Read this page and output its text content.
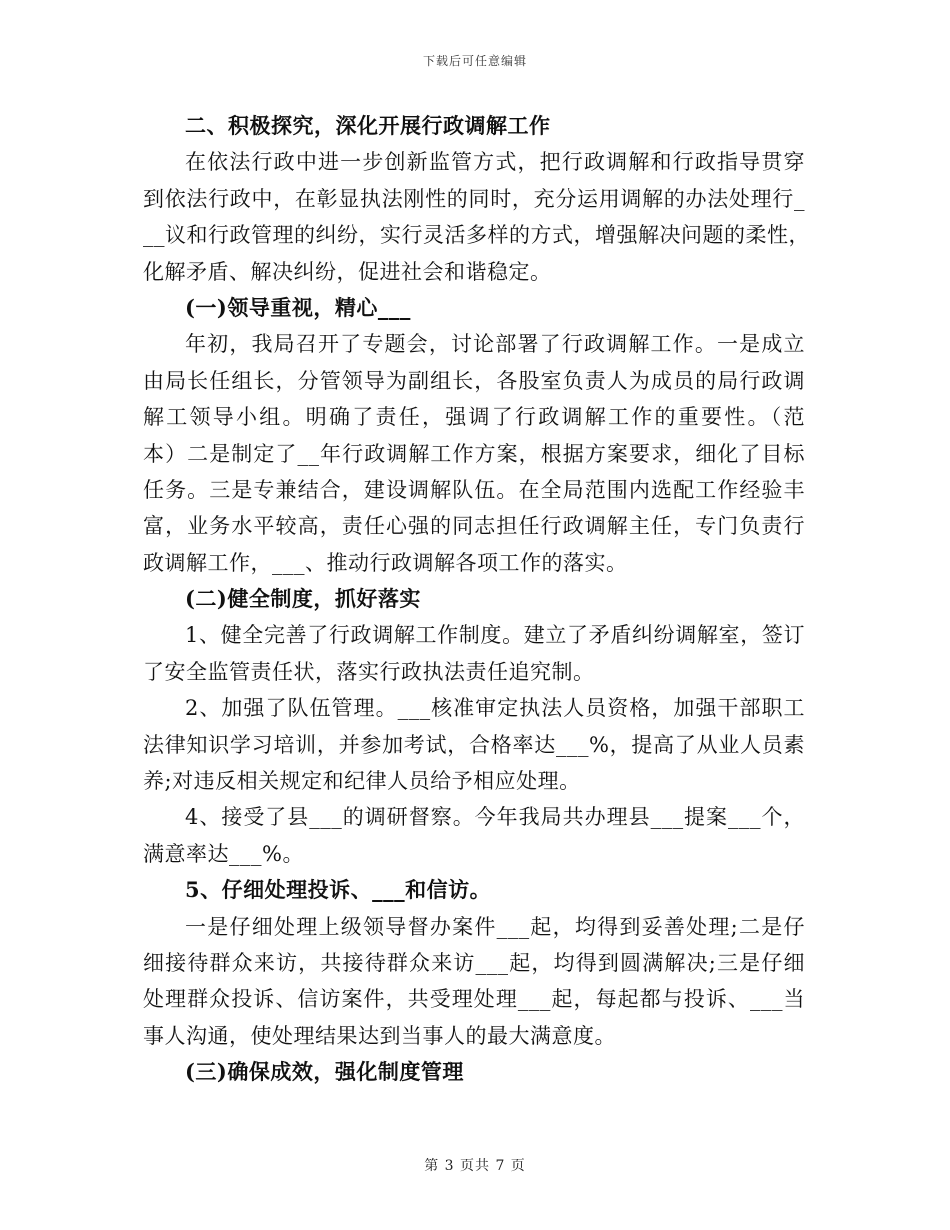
下载后可任意编辑
二、积极探究，深化开展行政调解工作
在依法行政中进一步创新监管方式，把行政调解和行政指导贯穿
到依法行政中，在彰显执法刚性的同时，充分运用调解的办法处理行_
__议和行政管理的纠纷，实行灵活多样的方式，增强解决问题的柔性，
化解矛盾、解决纠纷，促进社会和谐稳定。
(一)领导重视，精心___
年初，我局召开了专题会，讨论部署了行政调解工作。一是成立
由局长任组长，分管领导为副组长，各股室负责人为成员的局行政调
解工领导小组。明确了责任，强调了行政调解工作的重要性。（范
本）二是制定了__年行政调解工作方案，根据方案要求，细化了目标
任务。三是专兼结合，建设调解队伍。在全局范围内选配工作经验丰
富，业务水平较高，责任心强的同志担任行政调解主任，专门负责行
政调解工作，___、推动行政调解各项工作的落实。
(二)健全制度，抓好落实
1、健全完善了行政调解工作制度。建立了矛盾纠纷调解室，签订
了安全监管责任状，落实行政执法责任追究制。
2、加强了队伍管理。___核准审定执法人员资格，加强干部职工
法律知识学习培训，并参加考试，合格率达___%，提高了从业人员素
养;对违反相关规定和纪律人员给予相应处理。
4、接受了县___的调研督察。今年我局共办理县___提案___个，
满意率达___%。
5、仔细处理投诉、___和信访。
一是仔细处理上级领导督办案件___起，均得到妥善处理;二是仔
细接待群众来访，共接待群众来访___起，均得到圆满解决;三是仔细
处理群众投诉、信访案件，共受理处理___起，每起都与投诉、___当
事人沟通，使处理结果达到当事人的最大满意度。
(三)确保成效，强化制度管理
第 3 页共 7 页
